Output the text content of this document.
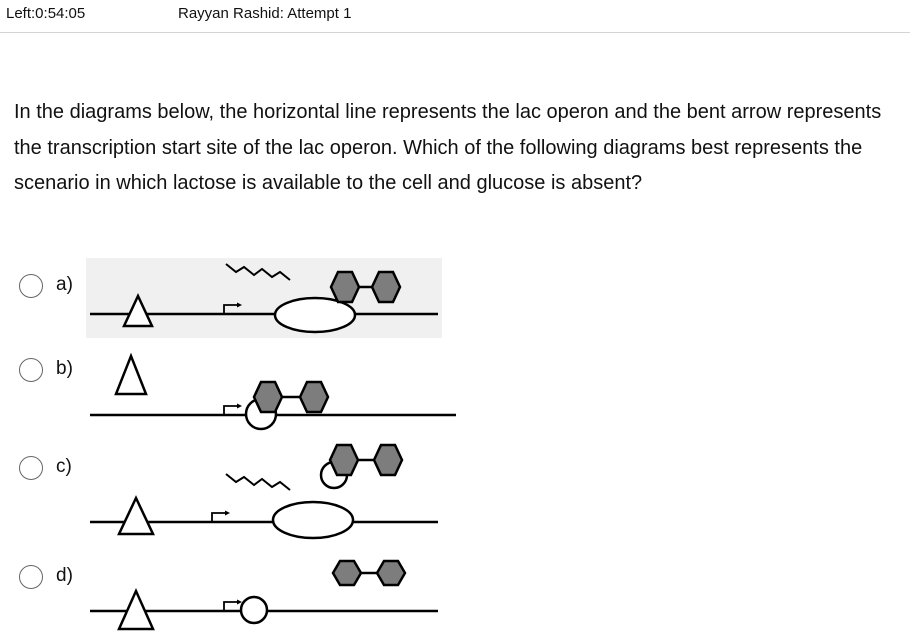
Left:0:54:05	Rayyan Rashid: Attempt 1

In the diagrams below, the horizontal line represents the lac operon and the bent arrow represents the transcription start site of the lac operon. Which of the following diagrams best represents the scenario in which lactose is available to the cell and glucose is absent?

a)
b)
c)
d)
